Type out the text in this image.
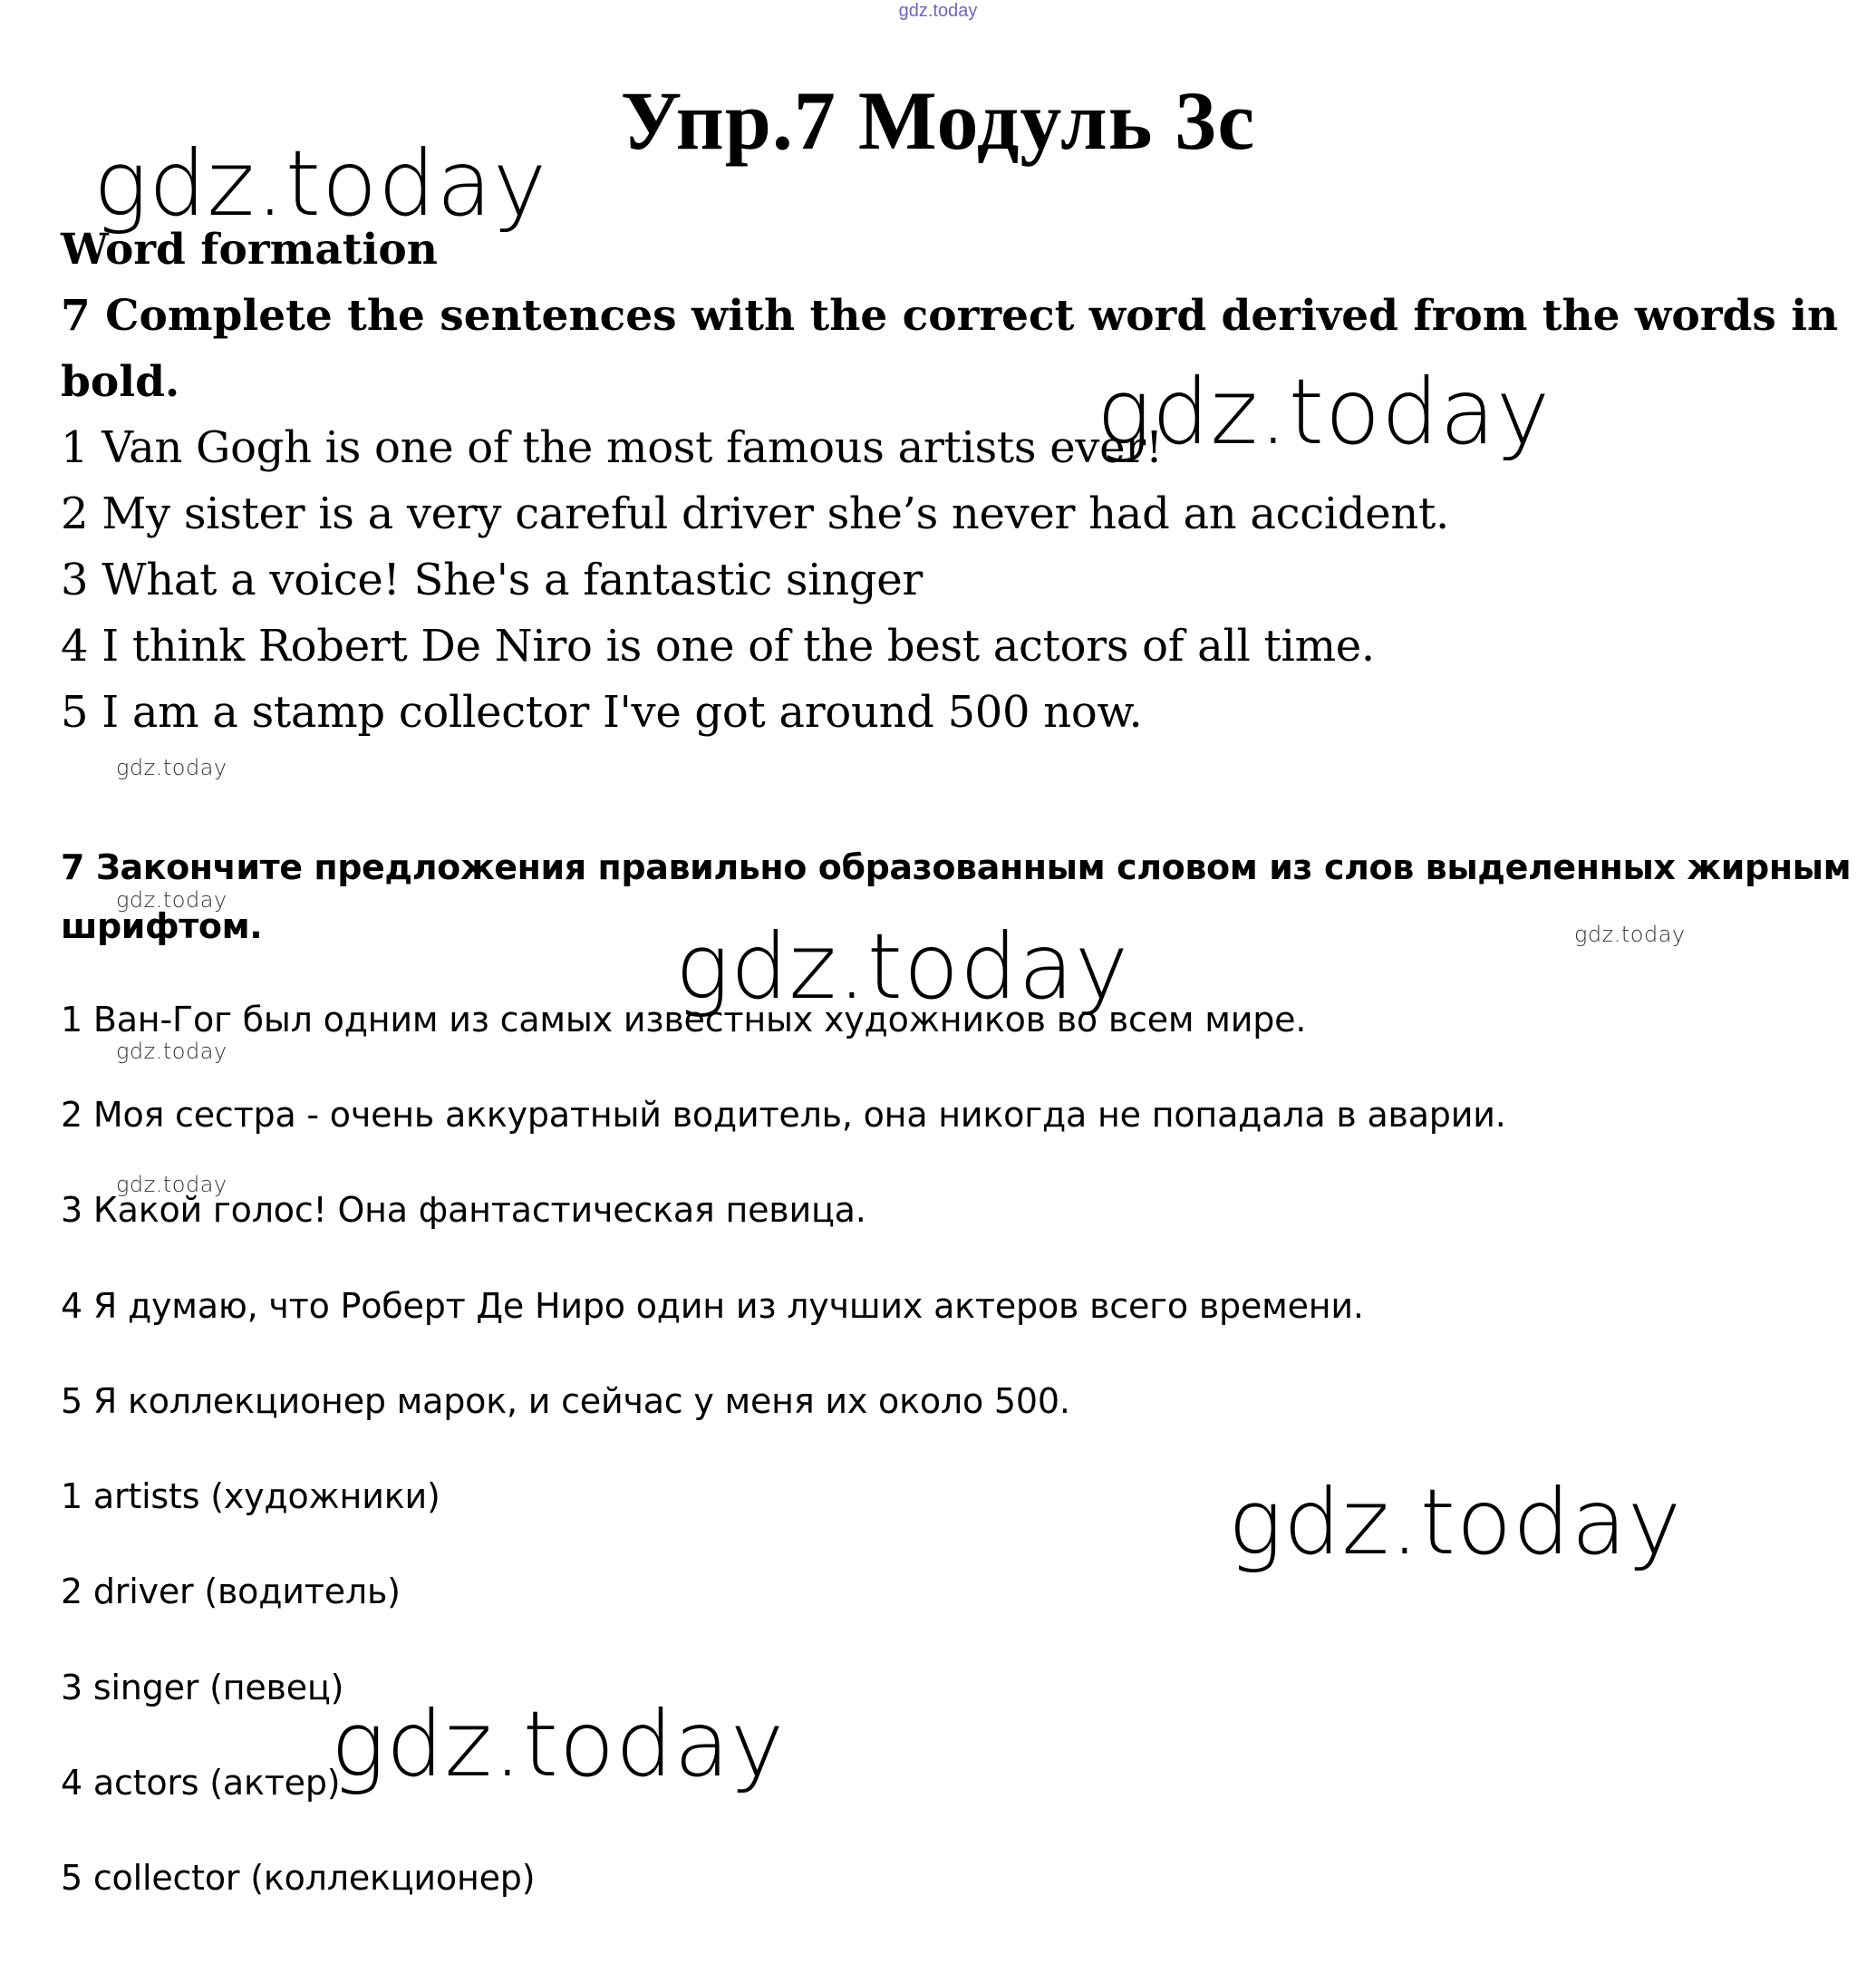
gdz.today
Упр.7 Модуль 3c
Word formation
7 Complete the sentences with the correct word derived from the words in
bold.
1 Van Gogh is one of the most famous artists ever!
2 My sister is a very careful driver she’s never had an accident.
3 What a voice! She's a fantastic singer
4 I think Robert De Niro is one of the best actors of all time.
5 I am a stamp collector I've got around 500 now.
7 Закончите предложения правильно образованным словом из слов выделенных жирным
шрифтом.
1 Ван-Гог был одним из самых известных художников во всем мире.
2 Моя сестра - очень аккуратный водитель, она никогда не попадала в аварии.
3 Какой голос! Она фантастическая певица.
4 Я думаю, что Роберт Де Ниро один из лучших актеров всего времени.
5 Я коллекционер марок, и сейчас у меня их около 500.
1 artists (художники)
2 driver (водитель)
3 singer (певец)
4 actors (актер)
5 collector (коллекционер)
gdz.today
gdz.today
gdz.today
gdz.today
gdz.today
gdz.today
gdz.today
gdz.today
gdz.today
gdz.today
